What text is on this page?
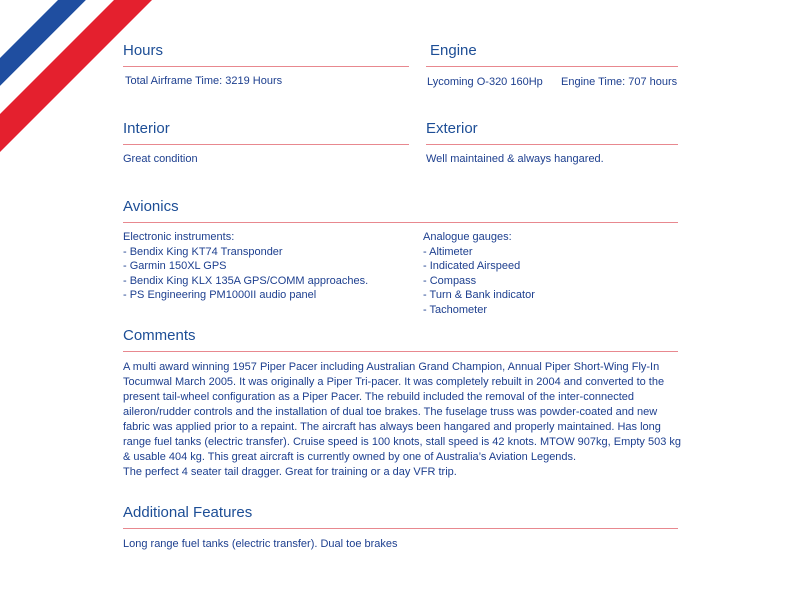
Hours

Total Airframe Time: 3219 Hours

Engine

Lycoming O-320 160Hp Engine Time: 707 hours

Interior

Great condition

Exterior

Well maintained & always hangared.

Avionics
Electronic instruments:
- Bendix King KT74 Transponder
- Garmin 150XL GPS
- Bendix King KLX 135A GPS/COMM approaches.
- PS Engineering PM1000II audio panel
Analogue gauges:
- Altimeter
- Indicated Airspeed
- Compass
- Turn & Bank indicator
- Tachometer
Comments
A multi award winning 1957 Piper Pacer including Australian Grand Champion, Annual Piper Short-Wing Fly-In
Tocumwal March 2005. It was originally a Piper Tri-pacer. It was completely rebuilt in 2004 and converted to the
present tail-wheel configuration as a Piper Pacer. The rebuild included the removal of the inter-connected
aileron/rudder controls and the installation of dual toe brakes. The fuselage truss was powder-coated and new
fabric was applied prior to a repaint. The aircraft has always been hangared and properly maintained. Has long
range fuel tanks (electric transfer). Cruise speed is 100 knots, stall speed is 42 knots. MTOW 907kg, Empty 503 kg
& usable 404 kg. This great aircraft is currently owned by one of Australia’s Aviation Legends.
The perfect 4 seater tail dragger. Great for training or a day VFR trip.
Additional Features

Long range fuel tanks (electric transfer). Dual toe brakes
